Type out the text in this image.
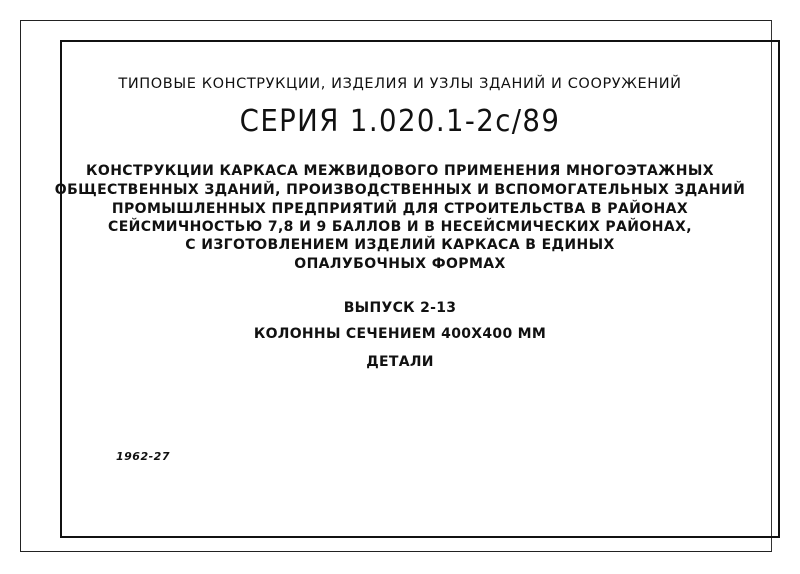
ТИПОВЫЕ КОНСТРУКЦИИ, ИЗДЕЛИЯ И УЗЛЫ ЗДАНИЙ И СООРУЖЕНИЙ
СЕРИЯ 1.020.1-2с/89
КОНСТРУКЦИИ КАРКАСА МЕЖВИДОВОГО ПРИМЕНЕНИЯ МНОГОЭТАЖНЫХ
ОБЩЕСТВЕННЫХ ЗДАНИЙ, ПРОИЗВОДСТВЕННЫХ И ВСПОМОГАТЕЛЬНЫХ ЗДАНИЙ
ПРОМЫШЛЕННЫХ ПРЕДПРИЯТИЙ ДЛЯ СТРОИТЕЛЬСТВА В РАЙОНАХ
СЕЙСМИЧНОСТЬЮ 7,8 И 9 БАЛЛОВ И В НЕСЕЙСМИЧЕСКИХ РАЙОНАХ,
С ИЗГОТОВЛЕНИЕМ ИЗДЕЛИЙ КАРКАСА В ЕДИНЫХ
ОПАЛУБОЧНЫХ ФОРМАХ
ВЫПУСК 2-13
КОЛОННЫ СЕЧЕНИЕМ 400Х400 ММ
ДЕТАЛИ
1962-27
